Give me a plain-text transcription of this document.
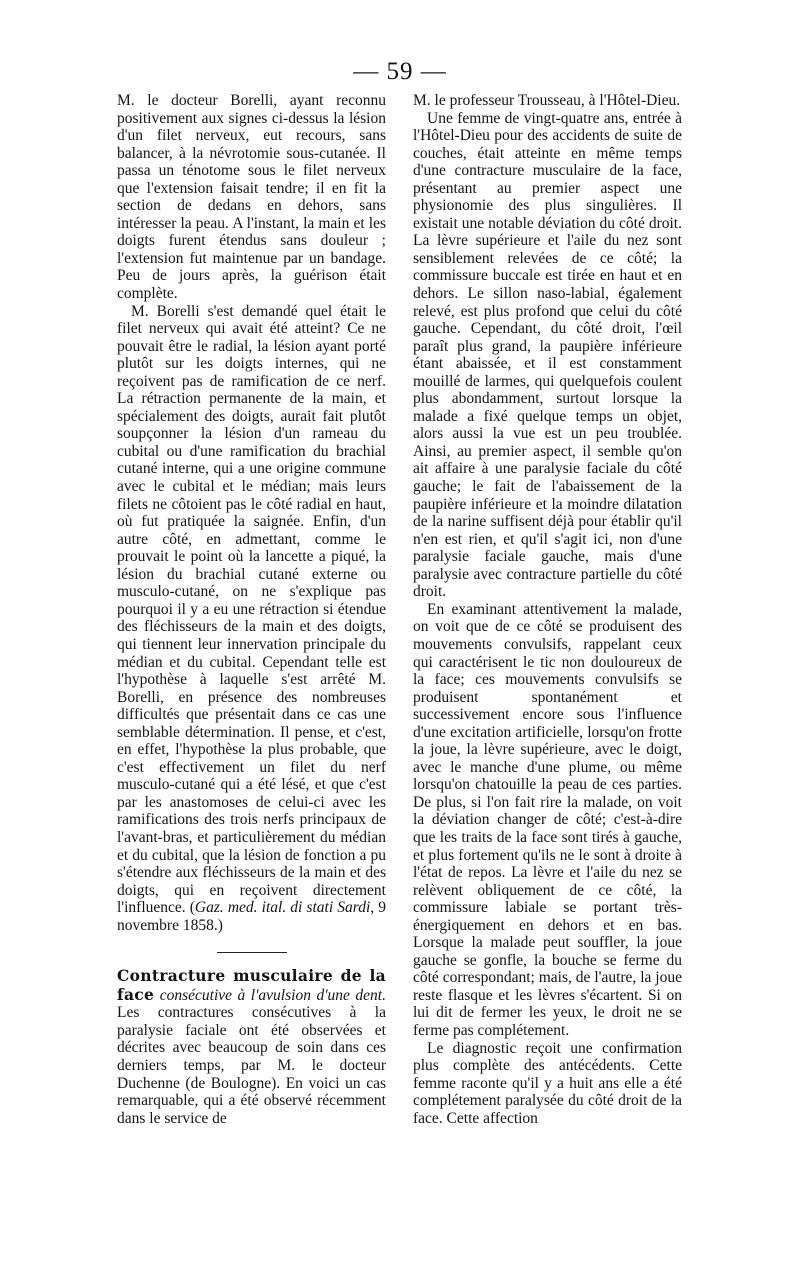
— 59 —

M. le docteur Borelli, ayant reconnu positivement aux signes ci-dessus la lésion d'un filet nerveux, eut recours, sans balancer, à la névrotomie sous-cutanée. Il passa un ténotome sous le filet nerveux que l'extension faisait tendre; il en fit la section de dedans en dehors, sans intéresser la peau. A l'instant, la main et les doigts furent étendus sans douleur ; l'extension fut maintenue par un bandage. Peu de jours après, la guérison était complète.

M. Borelli s'est demandé quel était le filet nerveux qui avait été atteint? Ce ne pouvait être le radial, la lésion ayant porté plutôt sur les doigts internes, qui ne reçoivent pas de ramification de ce nerf. La rétraction permanente de la main, et spécialement des doigts, aurait fait plutôt soupçonner la lésion d'un rameau du cubital ou d'une ramification du brachial cutané interne, qui a une origine commune avec le cubital et le médian; mais leurs filets ne côtoient pas le côté radial en haut, où fut pratiquée la saignée. Enfin, d'un autre côté, en admettant, comme le prouvait le point où la lancette a piqué, la lésion du brachial cutané externe ou musculo-cutané, on ne s'explique pas pourquoi il y a eu une rétraction si étendue des fléchisseurs de la main et des doigts, qui tiennent leur innervation principale du médian et du cubital. Cependant telle est l'hypothèse à laquelle s'est arrêté M. Borelli, en présence des nombreuses difficultés que présentait dans ce cas une semblable détermination. Il pense, et c'est, en effet, l'hypothèse la plus probable, que c'est effectivement un filet du nerf musculo-cutané qui a été lésé, et que c'est par les anastomoses de celui-ci avec les ramifications des trois nerfs principaux de l'avant-bras, et particulièrement du médian et du cubital, que la lésion de fonction a pu s'étendre aux fléchisseurs de la main et des doigts, qui en reçoivent directement l'influence. (Gaz. med. ital. di stati Sardi, 9 novembre 1858.)

Contracture musculaire de la face consécutive à l'avulsion d'une dent. Les contractures consécutives à la paralysie faciale ont été observées et décrites avec beaucoup de soin dans ces derniers temps, par M. le docteur Duchenne (de Boulogne). En voici un cas remarquable, qui a été observé récemment dans le service de

M. le professeur Trousseau, à l'Hôtel-Dieu.

Une femme de vingt-quatre ans, entrée à l'Hôtel-Dieu pour des accidents de suite de couches, était atteinte en même temps d'une contracture musculaire de la face, présentant au premier aspect une physionomie des plus singulières. Il existait une notable déviation du côté droit. La lèvre supérieure et l'aile du nez sont sensiblement relevées de ce côté; la commissure buccale est tirée en haut et en dehors. Le sillon naso-labial, également relevé, est plus profond que celui du côté gauche. Cependant, du côté droit, l'œil paraît plus grand, la paupière inférieure étant abaissée, et il est constamment mouillé de larmes, qui quelquefois coulent plus abondamment, surtout lorsque la malade a fixé quelque temps un objet, alors aussi la vue est un peu troublée. Ainsi, au premier aspect, il semble qu'on ait affaire à une paralysie faciale du côté gauche; le fait de l'abaissement de la paupière inférieure et la moindre dilatation de la narine suffisent déjà pour établir qu'il n'en est rien, et qu'il s'agit ici, non d'une paralysie faciale gauche, mais d'une paralysie avec contracture partielle du côté droit.

En examinant attentivement la malade, on voit que de ce côté se produisent des mouvements convulsifs, rappelant ceux qui caractérisent le tic non douloureux de la face; ces mouvements convulsifs se produisent spontanément et successivement encore sous l'influence d'une excitation artificielle, lorsqu'on frotte la joue, la lèvre supérieure, avec le doigt, avec le manche d'une plume, ou même lorsqu'on chatouille la peau de ces parties. De plus, si l'on fait rire la malade, on voit la déviation changer de côté; c'est-à-dire que les traits de la face sont tirés à gauche, et plus fortement qu'ils ne le sont à droite à l'état de repos. La lèvre et l'aile du nez se relèvent obliquement de ce côté, la commissure labiale se portant très-énergiquement en dehors et en bas. Lorsque la malade peut souffler, la joue gauche se gonfle, la bouche se ferme du côté correspondant; mais, de l'autre, la joue reste flasque et les lèvres s'écartent. Si on lui dit de fermer les yeux, le droit ne se ferme pas complétement.

Le diagnostic reçoit une confirmation plus complète des antécédents. Cette femme raconte qu'il y a huit ans elle a été complétement paralysée du côté droit de la face. Cette affection
